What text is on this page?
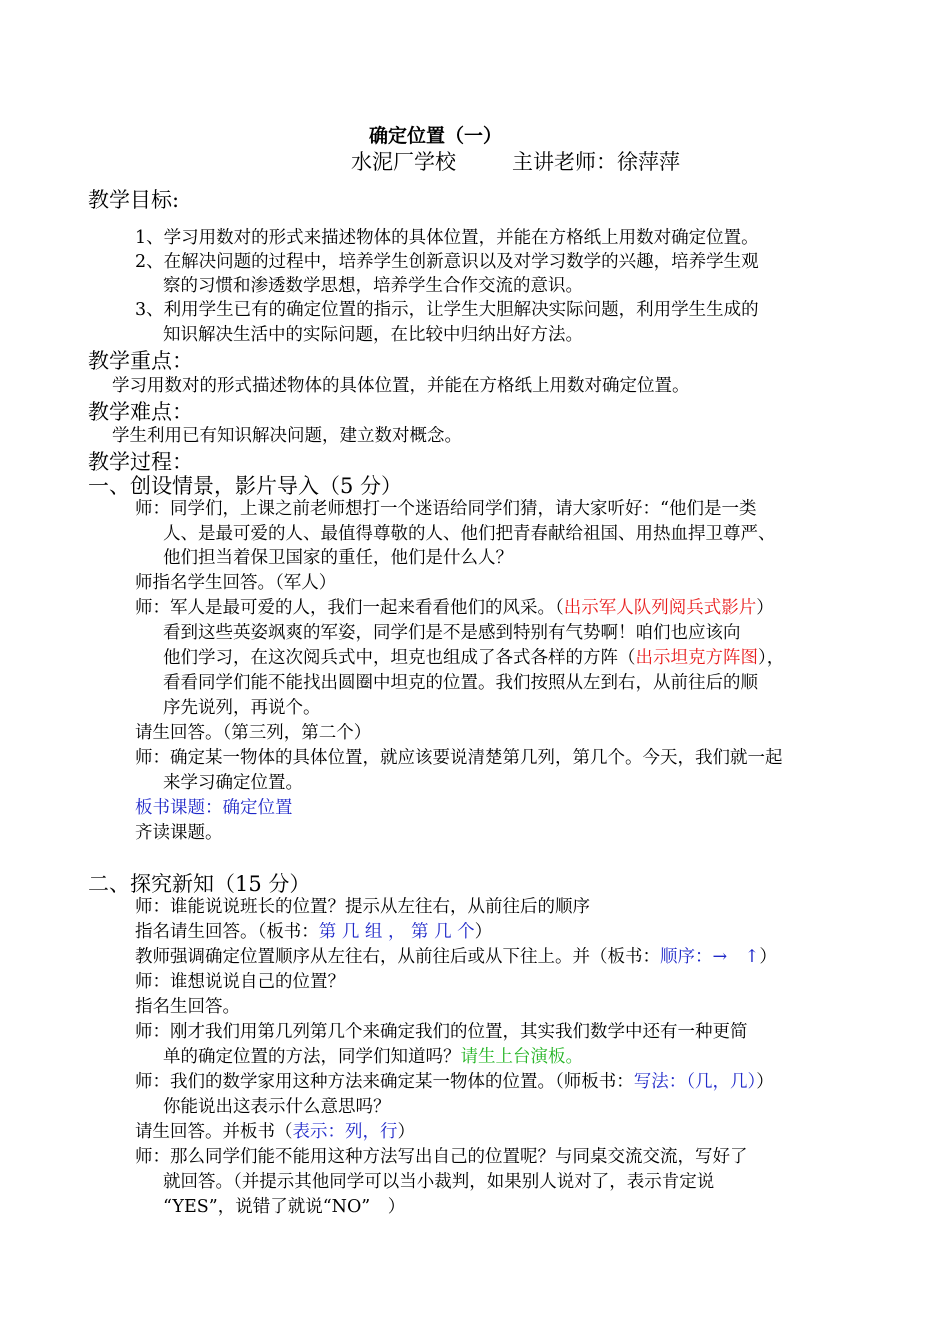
确定位置（一）
水泥厂学校	主讲老师：徐萍萍
教学目标:
1、学习用数对的形式来描述物体的具体位置，并能在方格纸上用数对确定位置。
2、在解决问题的过程中，培养学生创新意识以及对学习数学的兴趣，培养学生观
察的习惯和渗透数学思想，培养学生合作交流的意识。
3、利用学生已有的确定位置的指示，让学生大胆解决实际问题，利用学生生成的
知识解决生活中的实际问题，在比较中归纳出好方法。
教学重点：
学习用数对的形式描述物体的具体位置，并能在方格纸上用数对确定位置。
教学难点：
学生利用已有知识解决问题，建立数对概念。
教学过程：
一、创设情景，影片导入（5 分）
师：同学们，上课之前老师想打一个迷语给同学们猜，请大家听好：“他们是一类
人、是最可爱的人、最值得尊敬的人、他们把青春献给祖国、用热血捍卫尊严、
他们担当着保卫国家的重任，他们是什么人？
师指名学生回答。（军人）
师：军人是最可爱的人，我们一起来看看他们的风采。（出示军人队列阅兵式影片）
看到这些英姿飒爽的军姿，同学们是不是感到特别有气势啊！咱们也应该向
他们学习，在这次阅兵式中，坦克也组成了各式各样的方阵（出示坦克方阵图），
看看同学们能不能找出圆圈中坦克的位置。我们按照从左到右，从前往后的顺
序先说列，再说个。
请生回答。（第三列，第二个）
师：确定某一物体的具体位置，就应该要说清楚第几列，第几个。今天，我们就一起
来学习确定位置。
板书课题：确定位置
齐读课题。
二、探究新知（15 分）
师：谁能说说班长的位置？提示从左往右，从前往后的顺序
指名请生回答。（板书：第 几 组 ， 第 几 个）
教师强调确定位置顺序从左往右，从前往后或从下往上。并（板书：顺序：→　↑）
师：谁想说说自己的位置？
指名生回答。
师：刚才我们用第几列第几个来确定我们的位置，其实我们数学中还有一种更简
单的确定位置的方法，同学们知道吗？请生上台演板。
师：我们的数学家用这种方法来确定某一物体的位置。（师板书：写法：（几，几））
你能说出这表示什么意思吗？
请生回答。并板书（表示：列，行）
师：那么同学们能不能用这种方法写出自己的位置呢？与同桌交流交流，写好了
就回答。（并提示其他同学可以当小裁判，如果别人说对了，表示肯定说
“YES”，说错了就说“NO”　）
